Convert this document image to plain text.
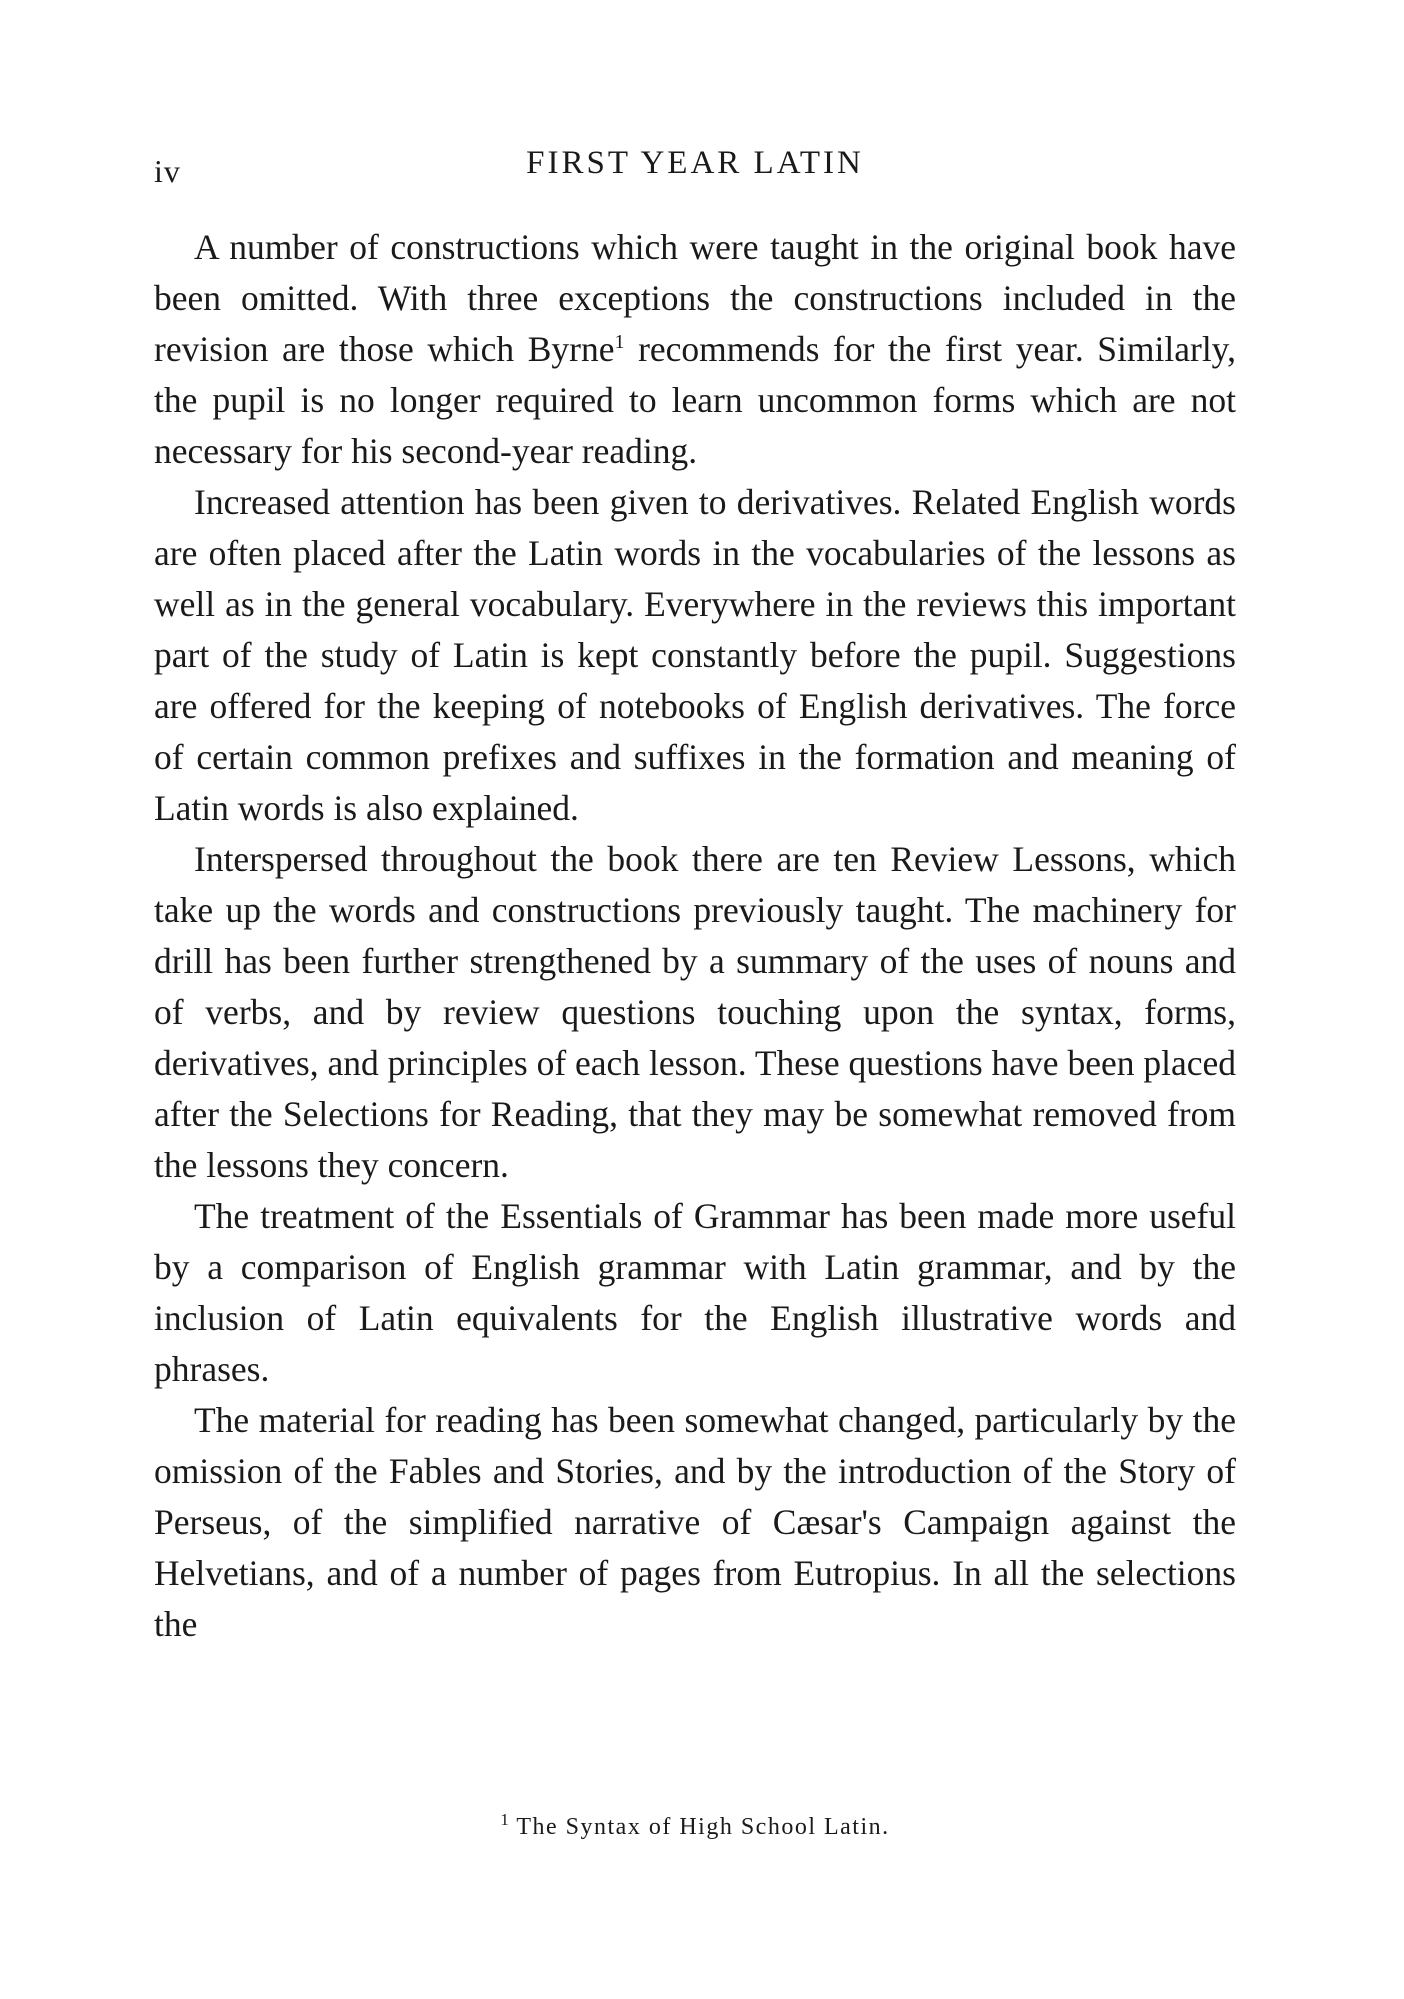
iv	FIRST YEAR LATIN

A number of constructions which were taught in the original book have been omitted. With three exceptions the constructions included in the revision are those which Byrne$^1$ recommends for the first year. Similarly, the pupil is no longer required to learn uncommon forms which are not necessary for his second-year reading.

Increased attention has been given to derivatives. Related English words are often placed after the Latin words in the vocabularies of the lessons as well as in the general vocabulary. Everywhere in the reviews this important part of the study of Latin is kept constantly before the pupil. Suggestions are offered for the keeping of notebooks of English derivatives. The force of certain common prefixes and suffixes in the formation and meaning of Latin words is also explained.

Interspersed throughout the book there are ten Review Lessons, which take up the words and constructions previously taught. The machinery for drill has been further strengthened by a summary of the uses of nouns and of verbs, and by review questions touching upon the syntax, forms, derivatives, and principles of each lesson. These questions have been placed after the Selections for Reading, that they may be somewhat removed from the lessons they concern.

The treatment of the Essentials of Grammar has been made more useful by a comparison of English grammar with Latin grammar, and by the inclusion of Latin equivalents for the English illustrative words and phrases.

The material for reading has been somewhat changed, particularly by the omission of the Fables and Stories, and by the introduction of the Story of Perseus, of the simplified narrative of Cæsar's Campaign against the Helvetians, and of a number of pages from Eutropius. In all the selections the

$^1$ The Syntax of High School Latin.
